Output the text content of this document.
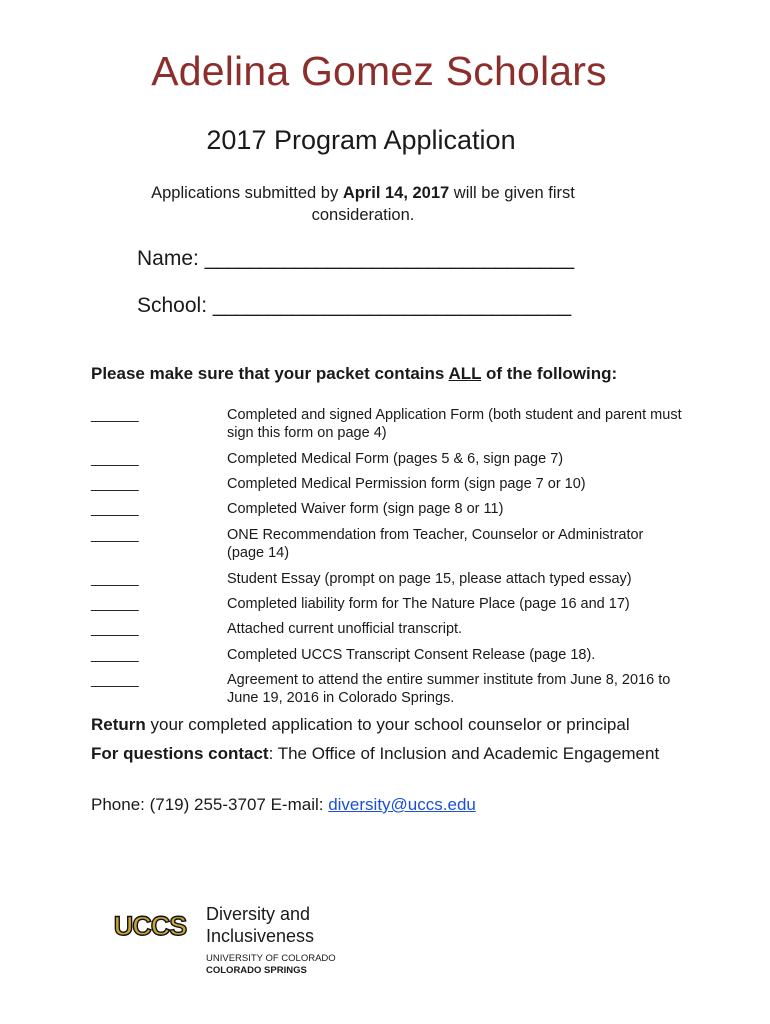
Adelina Gomez Scholars
2017 Program Application
Applications submitted by April 14, 2017 will be given first consideration.
Name: _________________________________
School: ________________________________
Please make sure that your packet contains ALL of the following:
______	Completed and signed Application Form (both student and parent must sign this form on page 4)
______	Completed Medical Form (pages 5 & 6, sign page 7)
______	Completed Medical Permission form (sign page 7 or 10)
______	Completed Waiver form (sign page 8 or 11)
______	ONE Recommendation from Teacher, Counselor or Administrator (page 14)
______	Student Essay (prompt on page 15, please attach typed essay)
______	Completed liability form for The Nature Place (page 16 and 17)
______	Attached current unofficial transcript.
______	Completed UCCS Transcript Consent Release (page 18).
______	Agreement to attend the entire summer institute from June 8, 2016 to June 19, 2016 in Colorado Springs.
Return your completed application to your school counselor or principal
For questions contact: The Office of Inclusion and Academic Engagement
Phone: (719) 255-3707 E-mail: diversity@uccs.edu
UCCS Diversity and Inclusiveness
UNIVERSITY OF COLORADO
COLORADO SPRINGS
